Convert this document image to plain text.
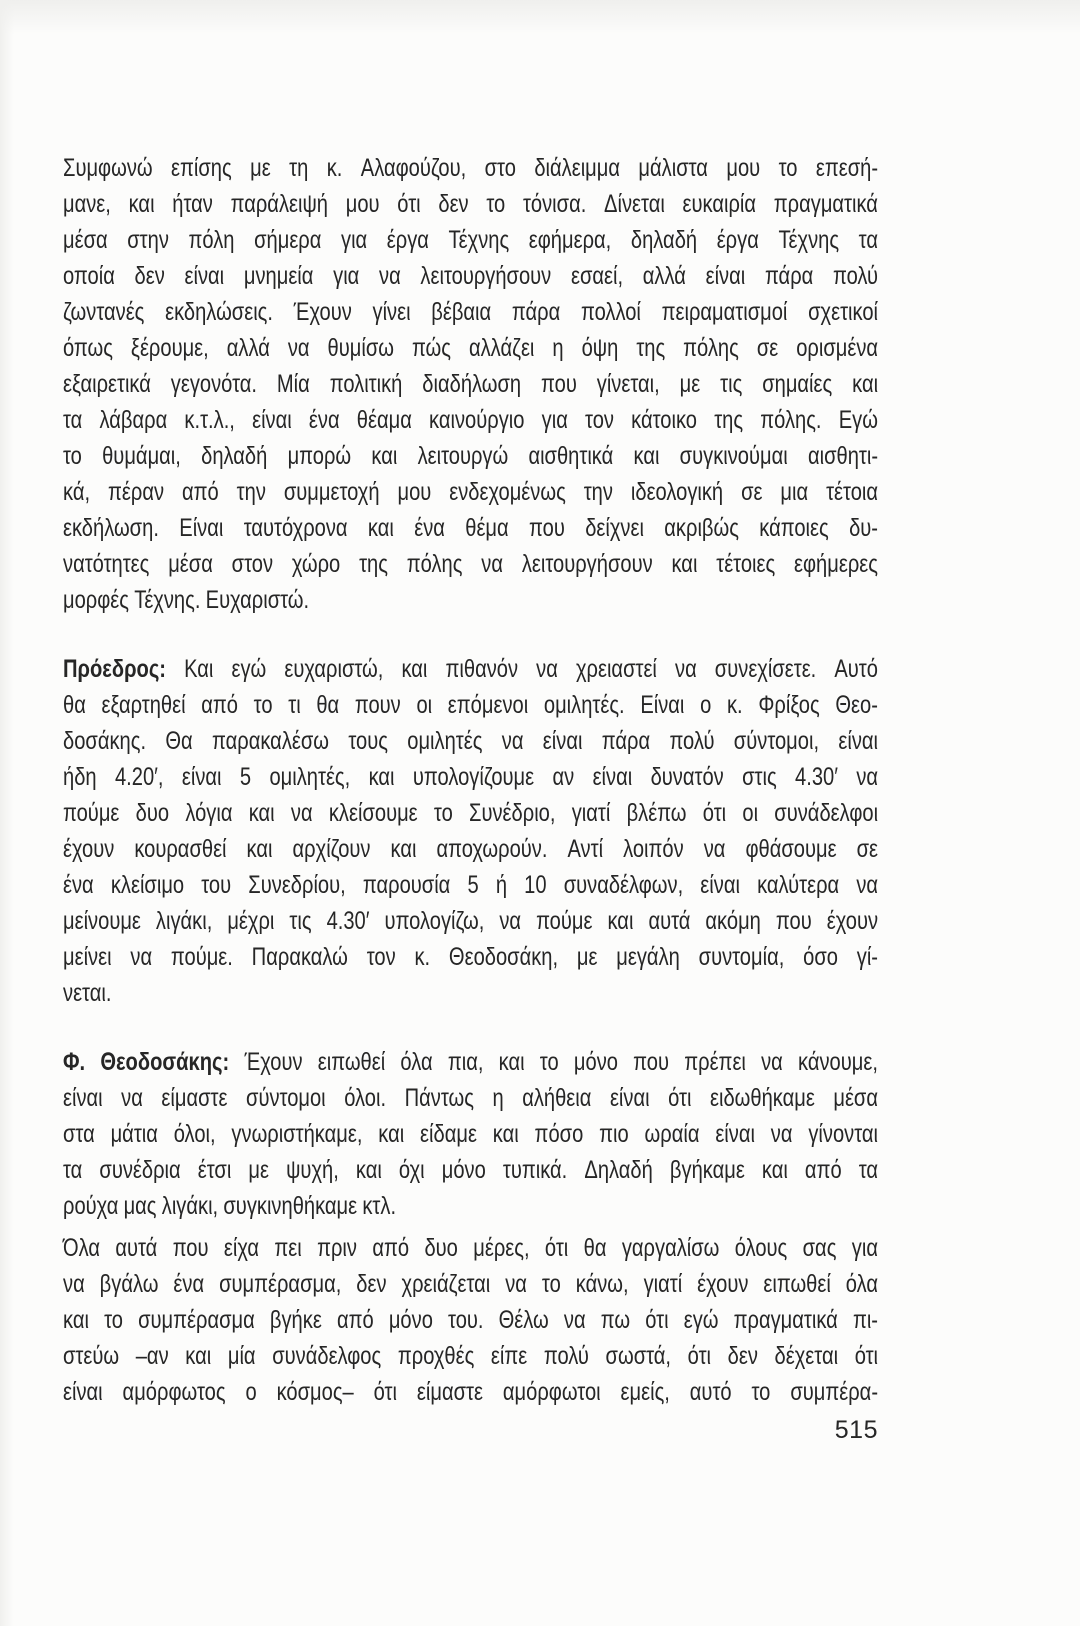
Συμφωνώ επίσης με τη κ. Αλαφούζου, στο διάλειμμα μάλιστα μου το επεσή-
μανε, και ήταν παράλειψή μου ότι δεν το τόνισα. Δίνεται ευκαιρία πραγματικά
μέσα στην πόλη σήμερα για έργα Τέχνης εφήμερα, δηλαδή έργα Τέχνης τα
οποία δεν είναι μνημεία για να λειτουργήσουν εσαεί, αλλά είναι πάρα πολύ
ζωντανές εκδηλώσεις. Έχουν γίνει βέβαια πάρα πολλοί πειραματισμοί σχετικοί
όπως ξέρουμε, αλλά να θυμίσω πώς αλλάζει η όψη της πόλης σε ορισμένα
εξαιρετικά γεγονότα. Μία πολιτική διαδήλωση που γίνεται, με τις σημαίες και
τα λάβαρα κ.τ.λ., είναι ένα θέαμα καινούργιο για τον κάτοικο της πόλης. Εγώ
το θυμάμαι, δηλαδή μπορώ και λειτουργώ αισθητικά και συγκινούμαι αισθητι-
κά, πέραν από την συμμετοχή μου ενδεχομένως την ιδεολογική σε μια τέτοια
εκδήλωση. Είναι ταυτόχρονα και ένα θέμα που δείχνει ακριβώς κάποιες δυ-
νατότητες μέσα στον χώρο της πόλης να λειτουργήσουν και τέτοιες εφήμερες
μορφές Τέχνης. Ευχαριστώ.
Πρόεδρος: Και εγώ ευχαριστώ, και πιθανόν να χρειαστεί να συνεχίσετε. Αυτό
θα εξαρτηθεί από το τι θα πουν οι επόμενοι ομιλητές. Είναι ο κ. Φρίξος Θεο-
δοσάκης. Θα παρακαλέσω τους ομιλητές να είναι πάρα πολύ σύντομοι, είναι
ήδη 4.20′, είναι 5 ομιλητές, και υπολογίζουμε αν είναι δυνατόν στις 4.30′ να
πούμε δυο λόγια και να κλείσουμε το Συνέδριο, γιατί βλέπω ότι οι συνάδελφοι
έχουν κουρασθεί και αρχίζουν και αποχωρούν. Αντί λοιπόν να φθάσουμε σε
ένα κλείσιμο του Συνεδρίου, παρουσία 5 ή 10 συναδέλφων, είναι καλύτερα να
μείνουμε λιγάκι, μέχρι τις 4.30′ υπολογίζω, να πούμε και αυτά ακόμη που έχουν
μείνει να πούμε. Παρακαλώ τον κ. Θεοδοσάκη, με μεγάλη συντομία, όσο γί-
νεται.
Φ. Θεοδοσάκης: Έχουν ειπωθεί όλα πια, και το μόνο που πρέπει να κάνουμε,
είναι να είμαστε σύντομοι όλοι. Πάντως η αλήθεια είναι ότι ειδωθήκαμε μέσα
στα μάτια όλοι, γνωριστήκαμε, και είδαμε και πόσο πιο ωραία είναι να γίνονται
τα συνέδρια έτσι με ψυχή, και όχι μόνο τυπικά. Δηλαδή βγήκαμε και από τα
ρούχα μας λιγάκι, συγκινηθήκαμε κτλ.
Όλα αυτά που είχα πει πριν από δυο μέρες, ότι θα γαργαλίσω όλους σας για
να βγάλω ένα συμπέρασμα, δεν χρειάζεται να το κάνω, γιατί έχουν ειπωθεί όλα
και το συμπέρασμα βγήκε από μόνο του. Θέλω να πω ότι εγώ πραγματικά πι-
στεύω –αν και μία συνάδελφος προχθές είπε πολύ σωστά, ότι δεν δέχεται ότι
είναι αμόρφωτος ο κόσμος– ότι είμαστε αμόρφωτοι εμείς, αυτό το συμπέρα-
515
